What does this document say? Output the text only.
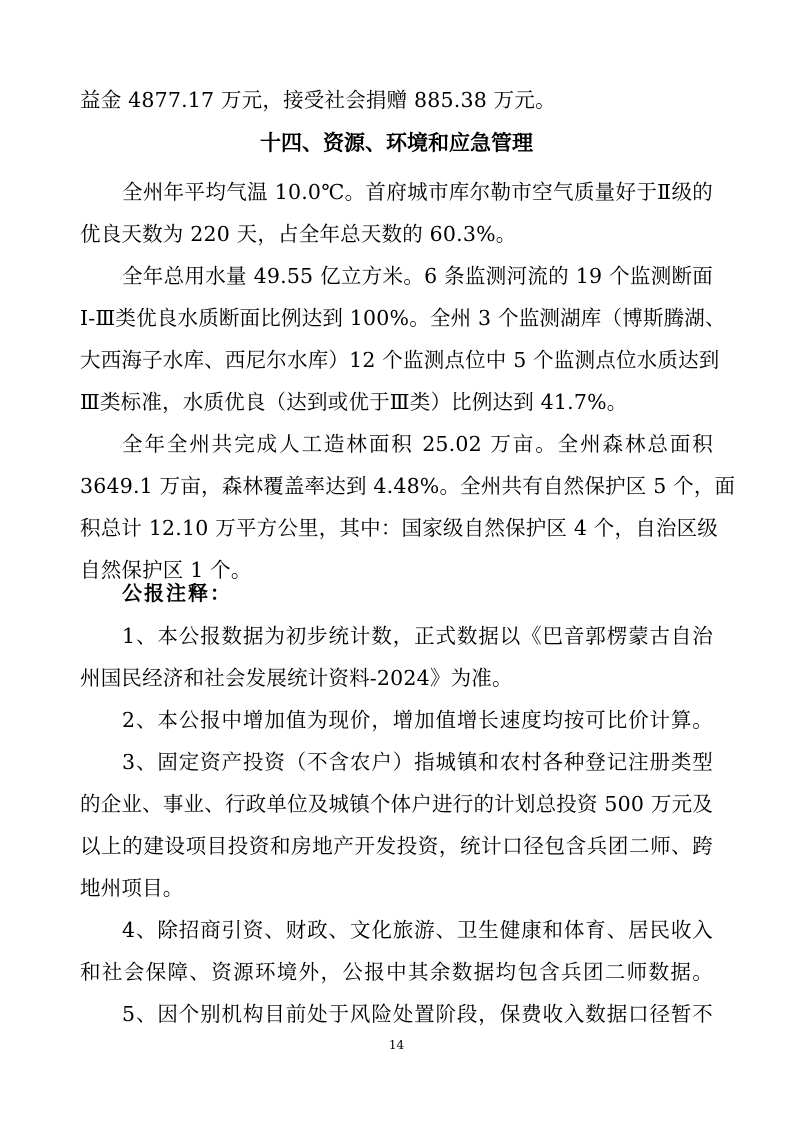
益金 4877.17 万元，接受社会捐赠 885.38 万元。
十四、资源、环境和应急管理
全州年平均气温 10.0℃。首府城市库尔勒市空气质量好于Ⅱ级的
优良天数为 220 天，占全年总天数的 60.3%。
全年总用水量 49.55 亿立方米。6 条监测河流的 19 个监测断面
Ⅰ-Ⅲ类优良水质断面比例达到 100%。全州 3 个监测湖库（博斯腾湖、
大西海子水库、西尼尔水库）12 个监测点位中 5 个监测点位水质达到
Ⅲ类标准，水质优良（达到或优于Ⅲ类）比例达到 41.7%。
全年全州共完成人工造林面积 25.02 万亩。全州森林总面积
3649.1 万亩，森林覆盖率达到 4.48%。全州共有自然保护区 5 个，面
积总计 12.10 万平方公里，其中：国家级自然保护区 4 个，自治区级
自然保护区 1 个。
公报注释：
1、本公报数据为初步统计数，正式数据以《巴音郭楞蒙古自治
州国民经济和社会发展统计资料-2024》为准。
2、本公报中增加值为现价，增加值增长速度均按可比价计算。
3、固定资产投资（不含农户）指城镇和农村各种登记注册类型
的企业、事业、行政单位及城镇个体户进行的计划总投资 500 万元及
以上的建设项目投资和房地产开发投资，统计口径包含兵团二师、跨
地州项目。
4、除招商引资、财政、文化旅游、卫生健康和体育、居民收入
和社会保障、资源环境外，公报中其余数据均包含兵团二师数据。
5、因个别机构目前处于风险处置阶段，保费收入数据口径暂不
14
